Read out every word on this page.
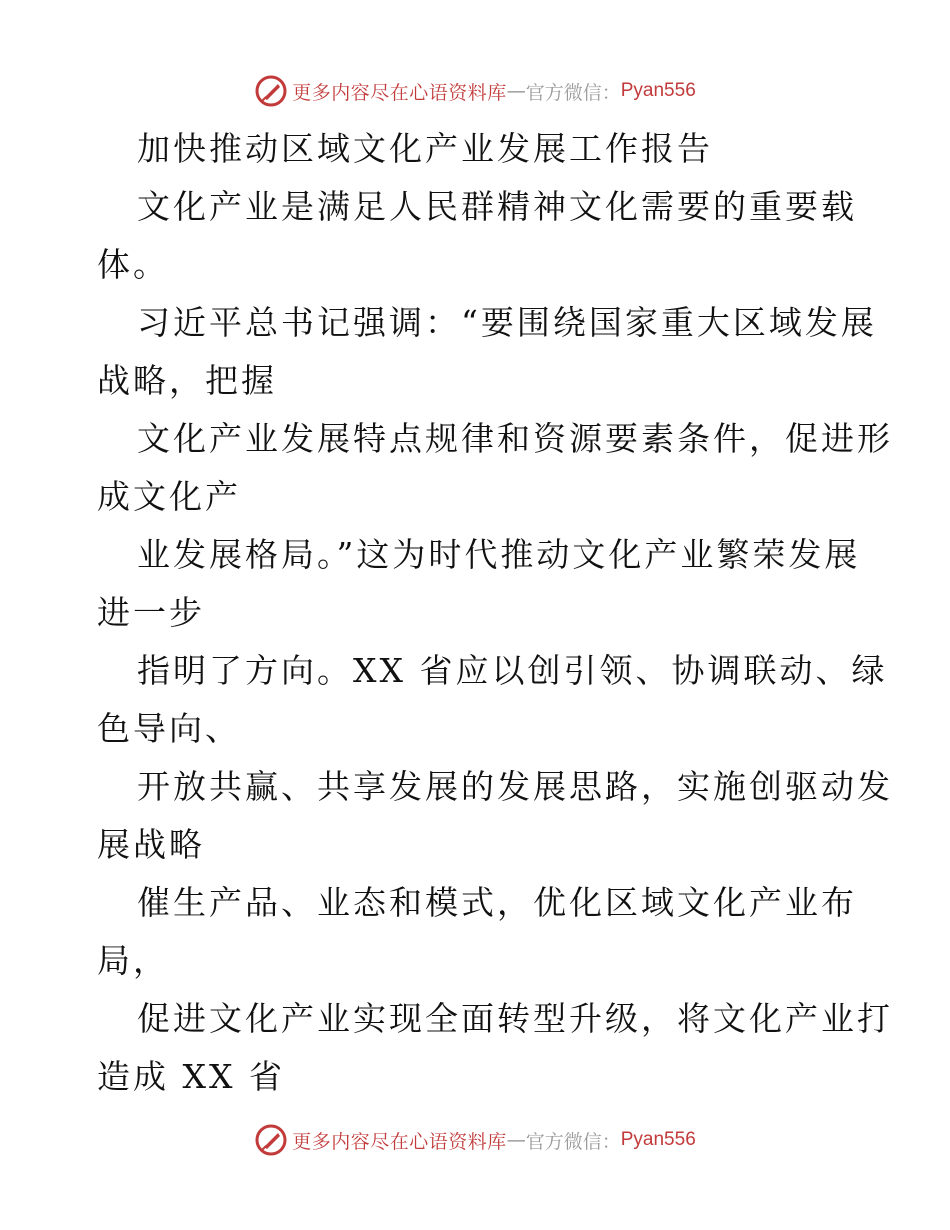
更多内容尽在心语资料库 — 官方微信： Pyan556
加快推动区域文化产业发展工作报告
文化产业是满足人民群精神文化需要的重要载
体。
习近平总书记强调：“要围绕国家重大区域发展
战略，把握
文化产业发展特点规律和资源要素条件，促进形
成文化产
业发展格局。”这为时代推动文化产业繁荣发展
进一步
指明了方向。XX 省应以创引领、协调联动、绿
色导向、
开放共赢、共享发展的发展思路，实施创驱动发
展战略
催生产品、业态和模式，优化区域文化产业布
局，
促进文化产业实现全面转型升级，将文化产业打
造成 XX 省
更多内容尽在心语资料库 — 官方微信： Pyan556
